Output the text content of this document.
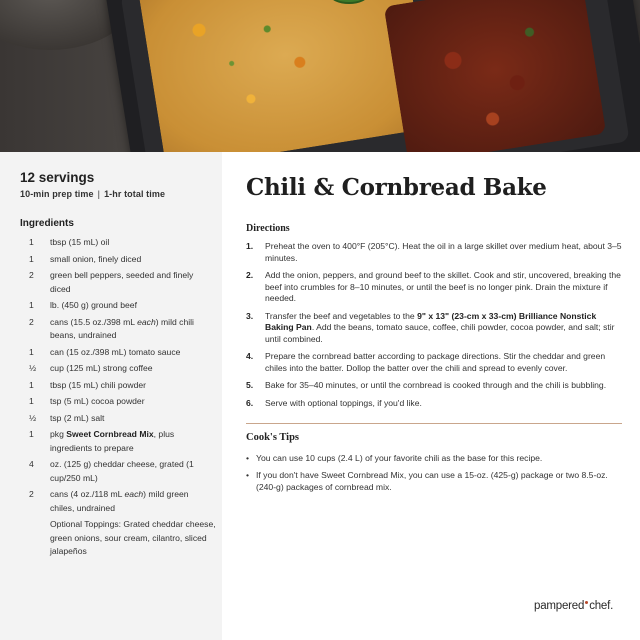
12 servings
10-min prep time | 1-hr total time
Ingredients
1	tbsp (15 mL) oil
1	small onion, finely diced
2	green bell peppers, seeded and finely diced
1	lb. (450 g) ground beef
2	cans (15.5 oz./398 mL each) mild chili beans, undrained
1	can (15 oz./398 mL) tomato sauce
½	cup (125 mL) strong coffee
1	tbsp (15 mL) chili powder
1	tsp (5 mL) cocoa powder
½	tsp (2 mL) salt
1	pkg Sweet Cornbread Mix, plus ingredients to prepare
4	oz. (125 g) cheddar cheese, grated (1 cup/250 mL)
2	cans (4 oz./118 mL each) mild green chiles, undrained
Optional Toppings: Grated cheddar cheese, green onions, sour cream, cilantro, sliced jalapeños
Chili & Cornbread Bake
Directions
1.	Preheat the oven to 400°F (205°C). Heat the oil in a large skillet over medium heat, about 3–5 minutes.
2.	Add the onion, peppers, and ground beef to the skillet. Cook and stir, uncovered, breaking the beef into crumbles for 8–10 minutes, or until the beef is no longer pink. Drain the mixture if needed.
3.	Transfer the beef and vegetables to the 9" x 13" (23-cm x 33-cm) Brilliance Nonstick Baking Pan. Add the beans, tomato sauce, coffee, chili powder, cocoa powder, and salt; stir until combined.
4.	Prepare the cornbread batter according to package directions. Stir the cheddar and green chiles into the batter. Dollop the batter over the chili and spread to evenly cover.
5.	Bake for 35–40 minutes, or until the cornbread is cooked through and the chili is bubbling.
6.	Serve with optional toppings, if you'd like.
Cook's Tips
• You can use 10 cups (2.4 L) of your favorite chili as the base for this recipe.
• If you don't have Sweet Cornbread Mix, you can use a 15-oz. (425-g) package or two 8.5-oz. (240-g) packages of cornbread mix.
pampered chef.
